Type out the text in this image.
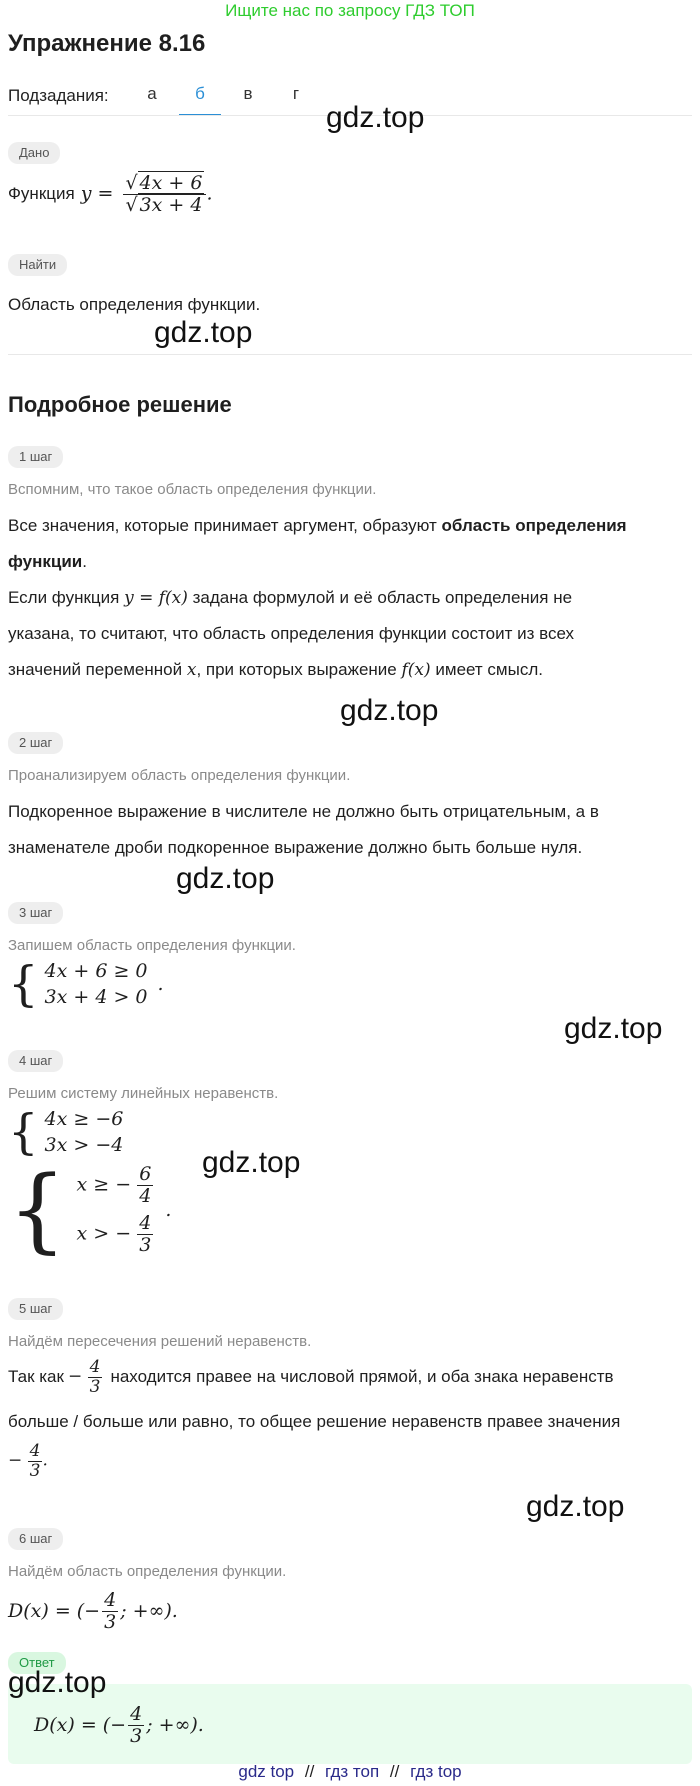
Ищите нас по запросу ГДЗ ТОП
Упражнение 8.16
Подзадания:	а	б	в	г
gdz.top
Дано
Функция $y = \frac{√ 4x + 6}{√ 3x + 4}$ .
Найти
Область определения функции.
gdz.top
Подробное решение
1 шаг
Вспомним, что такое область определения функции.
Все значения, которые принимает аргумент, образуют область определения функции.
Если функция y = f(x) задана формулой и её область определения не
указана, то считают, что область определения функции состоит из всех
значений переменной x, при которых выражение f(x) имеет смысл.
gdz.top
2 шаг
Проанализируем область определения функции.
Подкоренное выражение в числителе не должно быть отрицательным, а в
знаменателе дроби подкоренное выражение должно быть больше нуля.
gdz.top
3 шаг
Запишем область определения функции.
{ 4x + 6 ≥ 0
3x + 4 > 0
.
gdz.top
4 шаг
Решим систему линейных неравенств.
{ 4x ≥ −6
3x > −4
{ x ≥ − $\frac{6}{4}$
x > − $\frac{4}{3}$
.
gdz.top
5 шаг
Найдём пересечения решений неравенств.
Так как − $\frac{4}{3}$ находится правее на числовой прямой, и оба знака неравенств
больше / больше или равно, то общее решение неравенств правее значения
− $\frac{4}{3}$ .
gdz.top
6 шаг
Найдём область определения функции.
D(x) = (− $\frac{4}{3}$ ; +∞).
Ответ
gdz.top
D(x) = (− $\frac{4}{3}$ ; +∞).
gdz top // гдз топ // гдз top
